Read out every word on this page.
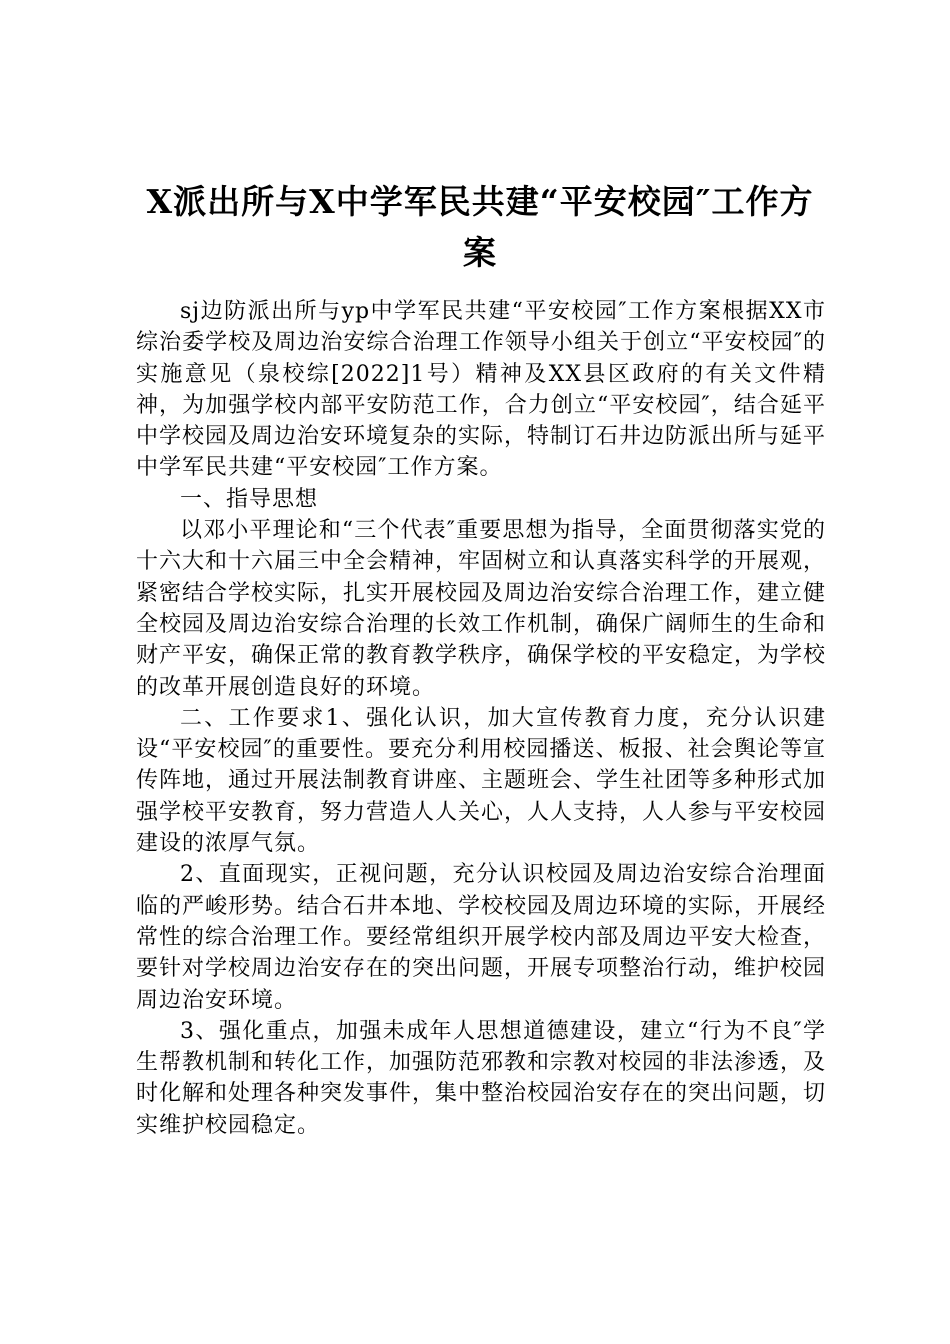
X派出所与X中学军民共建“平安校园″工作方案

sj边防派出所与yp中学军民共建“平安校园″工作方案根据XX市综治委学校及周边治安综合治理工作领导小组关于创立“平安校园″的实施意见（泉校综[2022]1号）精神及XX县区政府的有关文件精神，为加强学校内部平安防范工作，合力创立“平安校园″，结合延平中学校园及周边治安环境复杂的实际，特制订石井边防派出所与延平中学军民共建“平安校园″工作方案。

一、指导思想

以邓小平理论和“三个代表″重要思想为指导，全面贯彻落实党的十六大和十六届三中全会精神，牢固树立和认真落实科学的开展观，紧密结合学校实际，扎实开展校园及周边治安综合治理工作，建立健全校园及周边治安综合治理的长效工作机制，确保广阔师生的生命和财产平安，确保正常的教育教学秩序，确保学校的平安稳定，为学校的改革开展创造良好的环境。

二、工作要求1、强化认识，加大宣传教育力度，充分认识建设“平安校园″的重要性。要充分利用校园播送、板报、社会舆论等宣传阵地，通过开展法制教育讲座、主题班会、学生社团等多种形式加强学校平安教育，努力营造人人关心，人人支持，人人参与平安校园建设的浓厚气氛。

2、直面现实，正视问题，充分认识校园及周边治安综合治理面临的严峻形势。结合石井本地、学校校园及周边环境的实际，开展经常性的综合治理工作。要经常组织开展学校内部及周边平安大检查，要针对学校周边治安存在的突出问题，开展专项整治行动，维护校园周边治安环境。

3、强化重点，加强未成年人思想道德建设，建立“行为不良″学生帮教机制和转化工作，加强防范邪教和宗教对校园的非法渗透，及时化解和处理各种突发事件，集中整治校园治安存在的突出问题，切实维护校园稳定。
